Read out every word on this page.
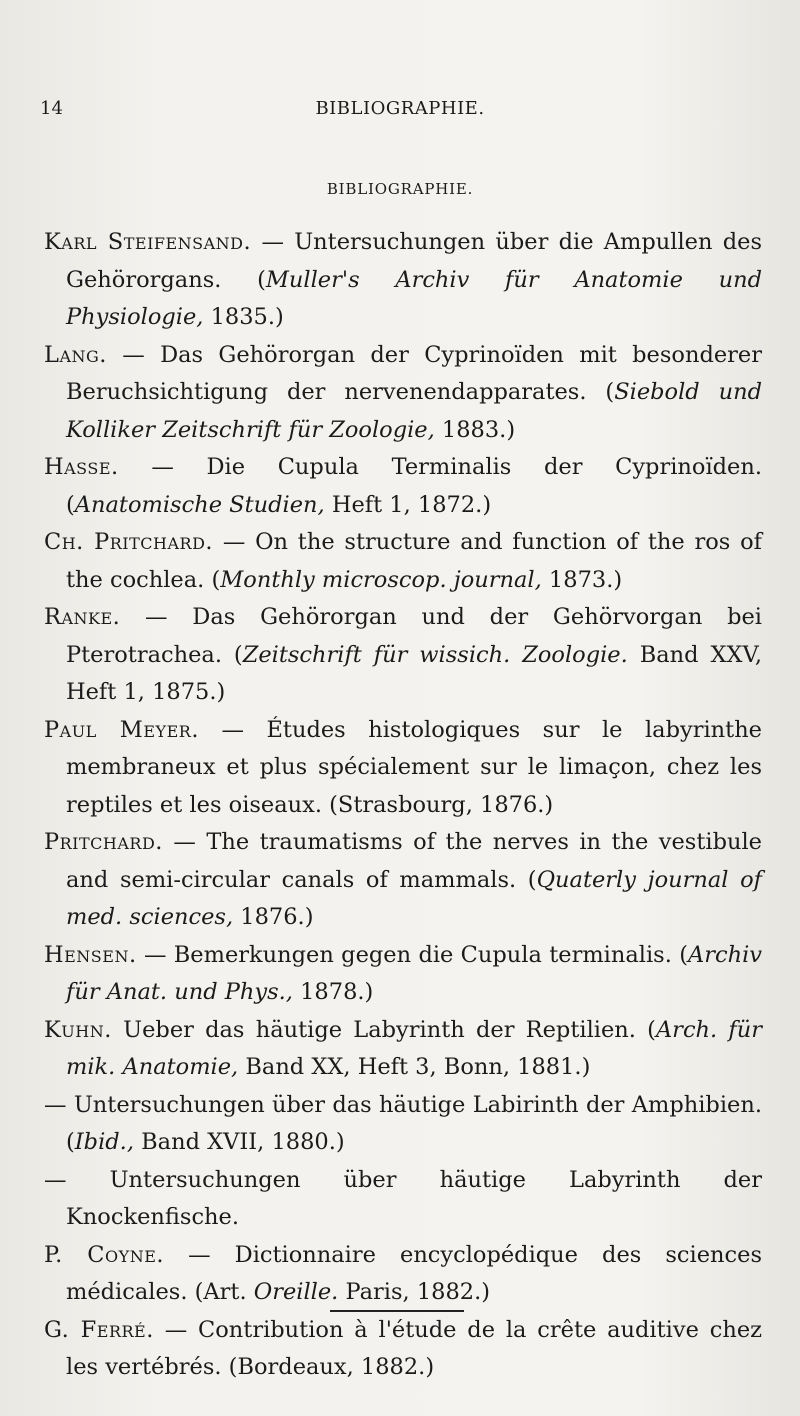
14	BIBLIOGRAPHIE.
BIBLIOGRAPHIE.

Karl Steifensand. — Untersuchungen über die Ampullen des Gehörorgans. (Muller's Archiv für Anatomie und Physiologie, 1835.)

Lang. — Das Gehörorgan der Cyprinoïden mit besonderer Beruchsichtigung der nervenendapparates. (Siebold und Kolliker Zeitschrift für Zoologie, 1883.)

Hasse. — Die Cupula Terminalis der Cyprinoïden. (Anatomische Studien, Heft 1, 1872.)

Ch. Pritchard. — On the structure and function of the ros of the cochlea. (Monthly microscop. journal, 1873.)

Ranke. — Das Gehörorgan und der Gehörvorgan bei Pterotrachea. (Zeitschrift für wissich. Zoologie. Band XXV, Heft 1, 1875.)

Paul Meyer. — Études histologiques sur le labyrinthe membraneux et plus spécialement sur le limaçon, chez les reptiles et les oiseaux. (Strasbourg, 1876.)

Pritchard. — The traumatisms of the nerves in the vestibule and semi-circular canals of mammals. (Quaterly journal of med. sciences, 1876.)

Hensen. — Bemerkungen gegen die Cupula terminalis. (Archiv für Anat. und Phys., 1878.)

Kuhn. Ueber das häutige Labyrinth der Reptilien. (Arch. für mik. Anatomie, Band XX, Heft 3, Bonn, 1881.)

— Untersuchungen über das häutige Labirinth der Amphibien. (Ibid., Band XVII, 1880.)

— Untersuchungen über häutige Labyrinth der Knockenfische.

P. Coyne. — Dictionnaire encyclopédique des sciences médicales. (Art. Oreille. Paris, 1882.)

G. Ferré. — Contribution à l'étude de la crête auditive chez les vertébrés. (Bordeaux, 1882.)
